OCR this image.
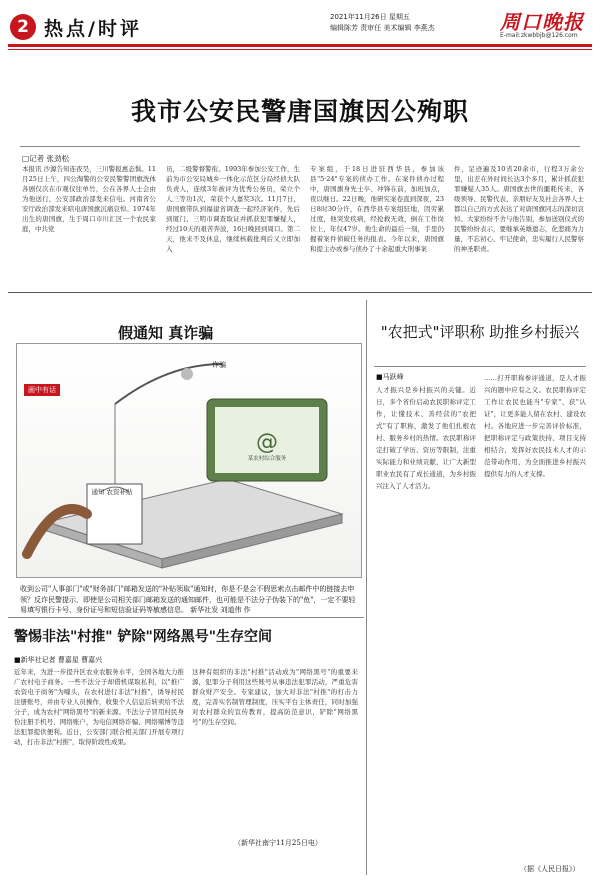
2 热点/时评
2021年11月26日 星期五
编辑陈芳 责审任 美术编辑 李燕杰	周口晚报
E-mail:zkwbbjb@126.com
我市公安民警唐国旗因公殉职
□记者 张劲松
本报讯 沙源告知连夜昊，三川警报惠态惧。11月25日上午，四公淘警的公安民警警团旗洗体各剧仅次在市观仅往单竹，公在各界人士会由为他送行，公安部政治部发来信电。河南省公安厅政治部发来唁电唐国旗沉痛哀悼。1974年出生的唐国旗，生于周口市川汇区一个农民家庭，中共党
员，二级警督警衔。1993年参加公安工作，生前为市公安局城乡一体化示范区分局经侦大队负责人，连续3年被评为优秀公务员，荣立个人三等功1次，荣获个人嘉奖3次。11月7日，唐国旗带队到福建省调查一起经济案件，先后到厦门、三明市调查取证并抓获犯罪嫌疑人，经过10天的艰苦奔波，16日晚回到周口。第二天，他来不及休息，继续核载批判后又立即加入
专案组，于18日进驻西华县，参加该县"5·24"专案的侦办工作。在案件侦办过程中，唐国旗身先士卒、冲锋在前，加班加点，夜以继日。22日晚，他研究案卷直到深夜，23日8时30分许，在西华县专案组驻地，因劳累过度，他突发疾病，经抢救无效，倒在工作岗位上，年仅47岁。他生命的最后一刻，手里仍握着案件侦破任务的报表。今年以来，唐国旗和提主办或参与侦办了十余起重大刑事案
件，足迹遍及10省20余市，行程3万余公里，出差在外时间长达3个多月，累计抓获犯罪嫌疑人35人。唐国旗去世的噩耗传来，各级领导、民警代表、亲朋好友及社会各界人士都以自己的方式表达了对唐国旗同志的深切哀悼。大家纷纷不舍与他告别，参加送别仪式的民警纷纷表示，要继承英雄遗志，化悲痛为力量，不忘初心、牢记使命，忠实履行人民警察的神圣职责。
假通知 真诈骗
@
画中有话
诈骗
通知 农资补贴
某农村综合服务
收到公司"人事部门"或"财务部门"邮箱发送的"补贴领取"通知时，你是不是会不假思索点击邮件中的链接去申领？反诈民警提示，即使是公司相关部门邮箱发送的通知邮件，也可能是不法分子伪装下的"鱼"，一定不要轻易填写银行卡号、身份证号和短信验证码等敏感信息。 新华社发 刘道伟 作
警惕非法"村推" 铲除"网络黑号"生存空间
■新华社记者 曹嘉星 曹嘉兴
近年来，为进一步提升区农业农服务水平，全国各地大力推广农村电子商务。一些不法分子却借机谋取私利，以"推广农资电子商务"为噱头，在农村进行非法"村推"，诱导村民注册账号，并由专业人员操作，收集个人信息后转卖给不法分子，成为农村"网络黑号"的新来源。不法分子冒用村民身份注册手机号、网络账户，为电信网络诈骗、网络赌博等违法犯罪提供便利。近日，公安部门联合相关部门开展专项行动，打击非法"村推"，取得阶段性成果。
这种有组织的非法"村推"活动成为"网络黑号"的重要来源，犯罪分子利用这些账号从事违法犯罪活动，严重危害群众财产安全。专家建议，加大对非法"村推"的打击力度，完善实名制管理制度，压实平台主体责任，同时加强对农村群众的宣传教育，提高防范意识，铲除"网络黑号"的生存空间。
（新华社南宁11月25日电）
"农把式"评职称 助推乡村振兴
■马跃峰
人才振兴是乡村振兴的关键。近日，多个省份启动农民职称评定工作，让懂技术、善经营的"农把式"有了职称，激发了他们扎根农村、服务乡村的热情。农民职称评定打破了学历、资历等限制，注重实际能力和业绩贡献，让广大新型职业农民有了成长通道，为乡村振兴注入了人才活力。
……打开职称参评通道，是人才振兴的题中应有之义。农民职称评定工作让农民也能当"专家"、获"认证"，让更多能人留在农村、建设农村。各地应进一步完善评价标准，把职称评定与政策扶持、项目支持相结合，发挥好农民技术人才的示范带动作用，为全面推进乡村振兴提供有力的人才支撑。
（据《人民日报》）
